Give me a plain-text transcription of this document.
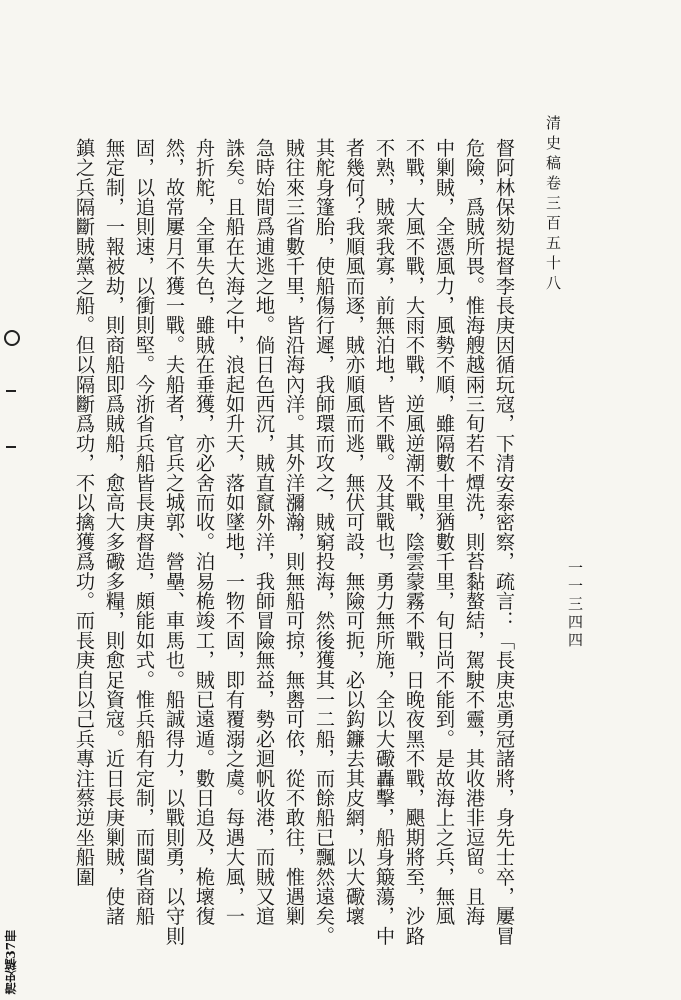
清史稿卷三百五十八
一一三四四
督阿林保劾提督李長庚因循玩寇，下清安泰密察，疏言：「長庚忠勇冠諸將，身先士卒，屢冒
危險，爲賊所畏。惟海艘越兩三旬若不燂洗，則苔黏螯結，駕駛不靈，其收港非逗留。且海
中剿賊，全憑風力，風勢不順，雖隔數十里猶數千里，旬日尚不能到。是故海上之兵，無風
不戰，大風不戰，大雨不戰，逆風逆潮不戰，陰雲蒙霧不戰，日晚夜黑不戰，颶期將至，沙路
不熟，賊衆我寡，前無泊地，皆不戰。及其戰也，勇力無所施，全以大礮轟擊，船身簸蕩，中
者幾何？我順風而逐，賊亦順風而逃，無伏可設，無險可扼，必以鈎鐮去其皮網，以大礮壞
其舵身篷胎，使船傷行遲，我師環而攻之，賊窮投海，然後獲其一二船，而餘船已飄然遠矣。
賊往來三省數千里，皆沿海內洋。其外洋瀰瀚，則無船可掠，無嶴可依，從不敢往，惟遇剿
急時始間爲逋逃之地。倘日色西沉，賊直竄外洋，我師冒險無益，勢必迴帆收港，而賊又逭
誅矣。且船在大海之中，浪起如升天，落如墜地，一物不固，即有覆溺之虞。每遇大風，一
舟折舵，全軍失色，雖賊在垂獲，亦必舍而收。泊易桅竣工，賊已遠遁。數日追及，桅壞復
然，故常屢月不獲一戰。夫船者，官兵之城郭、營壘、車馬也。船誠得力，以戰則勇，以守則
固，以追則速，以衝則堅。今浙省兵船皆長庚督造，頗能如式。惟兵船有定制，而閩省商船
無定制，一報被劫，則商船即爲賊船，愈高大多礮多糧，則愈足資寇。近日長庚剿賊，使諸
鎮之兵隔斷賊黨之船。但以隔斷爲功，不以擒獲爲功。而長庚自以己兵專注蔡逆坐船圍
清史稿37冊
